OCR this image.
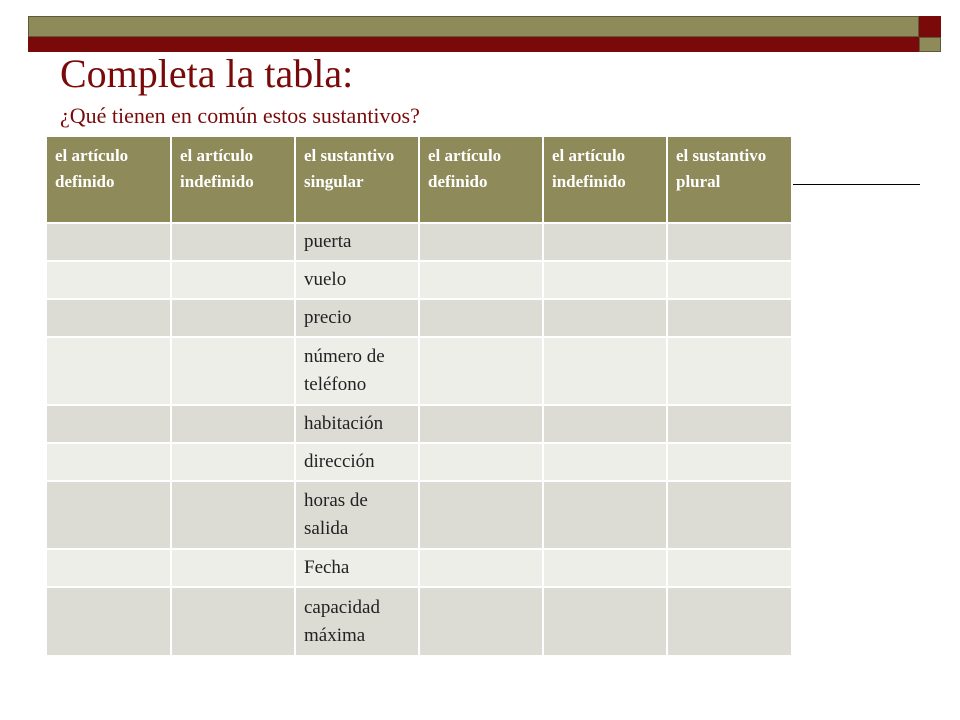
Completa la tabla:

¿Qué tienen en común estos sustantivos?

el artículo definido	el artículo indefinido	el sustantivo singular	el artículo definido	el artículo indefinido	el sustantivo plural
		puerta			
		vuelo			
		precio			
		número de teléfono			
		habitación			
		dirección			
		horas de salida			
		Fecha			
		capacidad máxima			
